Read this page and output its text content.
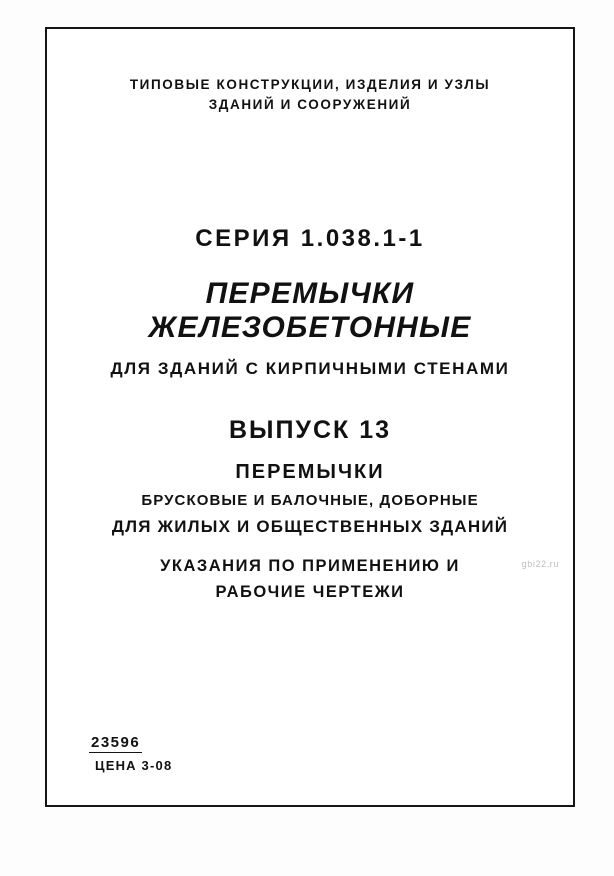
ТИПОВЫЕ КОНСТРУКЦИИ, ИЗДЕЛИЯ И УЗЛЫ
ЗДАНИЙ И СООРУЖЕНИЙ
СЕРИЯ 1.038.1-1
ПЕРЕМЫЧКИ ЖЕЛЕЗОБЕТОННЫЕ
ДЛЯ ЗДАНИЙ С КИРПИЧНЫМИ СТЕНАМИ
ВЫПУСК 13
ПЕРЕМЫЧКИ
БРУСКОВЫЕ И БАЛОЧНЫЕ, ДОБОРНЫЕ
ДЛЯ ЖИЛЫХ И ОБЩЕСТВЕННЫХ ЗДАНИЙ
УКАЗАНИЯ ПО ПРИМЕНЕНИЮ И
РАБОЧИЕ ЧЕРТЕЖИ
gbi22.ru
23596
ЦЕНА 3-08
